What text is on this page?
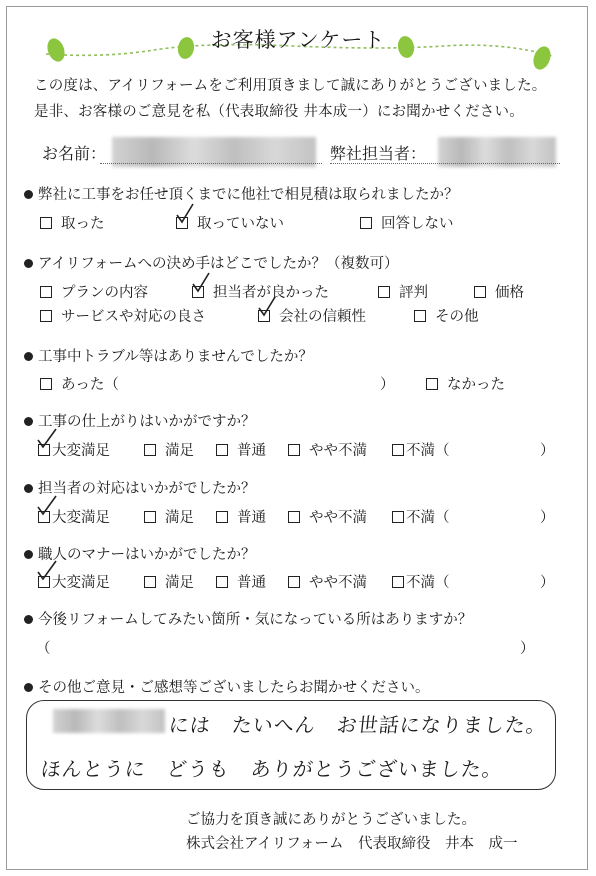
お客様アンケート
この度は、アイリフォームをご利用頂きまして誠にありがとうございました。
是非、お客様のご意見を私（代表取締役 井本成一）にお聞かせください。
お名前：	弊社担当者：
弊社に工事をお任せ頂くまでに他社で相見積は取られましたか？
取った	取っていない	回答しない
アイリフォームへの決め手はどこでしたか？（複数可）
プランの内容	担当者が良かった	評判	価格
サービスや対応の良さ	会社の信頼性	その他
工事中トラブル等はありませんでしたか？
あった（	）	なかった
工事の仕上がりはいかがですか？
大変満足	満足	普通	やや不満	不満（	）
担当者の対応はいかがでしたか？
大変満足	満足	普通	やや不満	不満（	）
職人のマナーはいかがでしたか？
大変満足	満足	普通	やや不満	不満（	）
今後リフォームしてみたい箇所・気になっている所はありますか？
（	）
その他ご意見・ご感想等ございましたらお聞かせください。
には　たいへん　お世話になりました。
ほんとうに　どうも　ありがとうございました。
ご協力を頂き誠にありがとうございました。
株式会社アイリフォーム　代表取締役　井本　成一
